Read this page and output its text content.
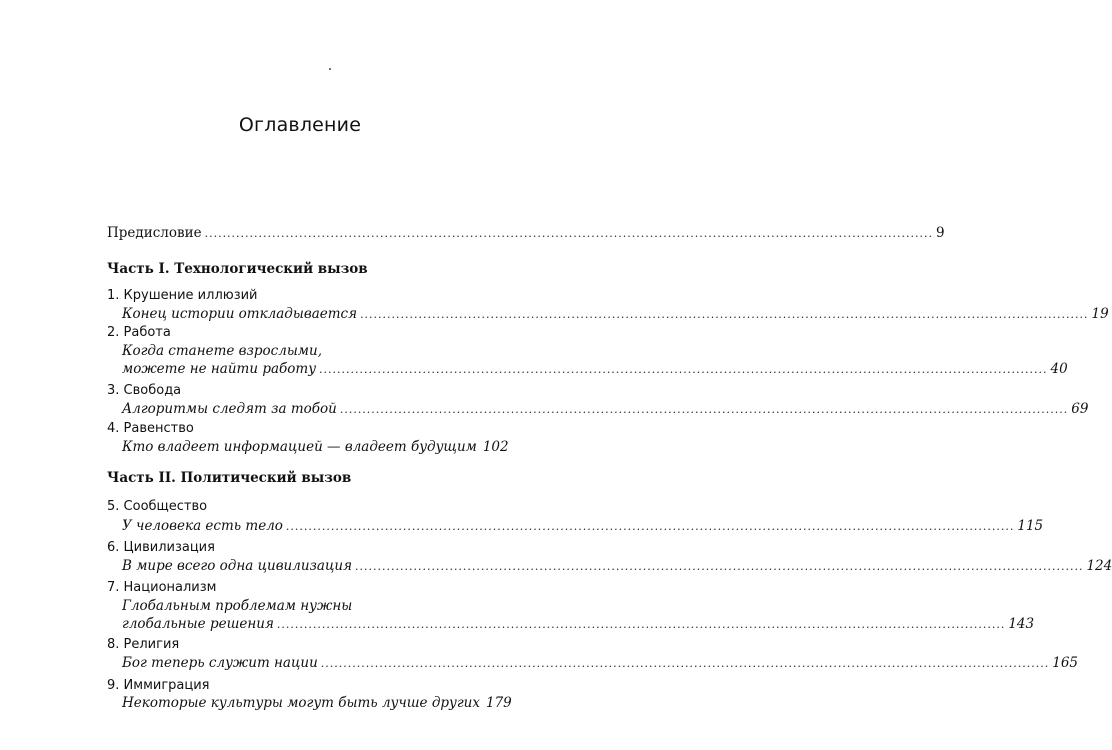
Оглавление
Предисловие .................................................................................................................................................................. 9
Часть I. Технологический вызов
1. Крушение иллюзий
Конец истории откладывается .................................................................................................................................................................. 19
2. Работа
Когда станете взрослыми,
можете не найти работу .................................................................................................................................................................. 40
3. Свобода
Алгоритмы следят за тобой .................................................................................................................................................................. 69
4. Равенство
Кто владеет информацией — владеет будущим 102
Часть II. Политический вызов
5. Сообщество
У человека есть тело .................................................................................................................................................................. 115
6. Цивилизация
В мире всего одна цивилизация .................................................................................................................................................................. 124
7. Национализм
Глобальным проблемам нужны
глобальные решения .................................................................................................................................................................. 143
8. Религия
Бог теперь служит нации .................................................................................................................................................................. 165
9. Иммиграция
Некоторые культуры могут быть лучше других 179
